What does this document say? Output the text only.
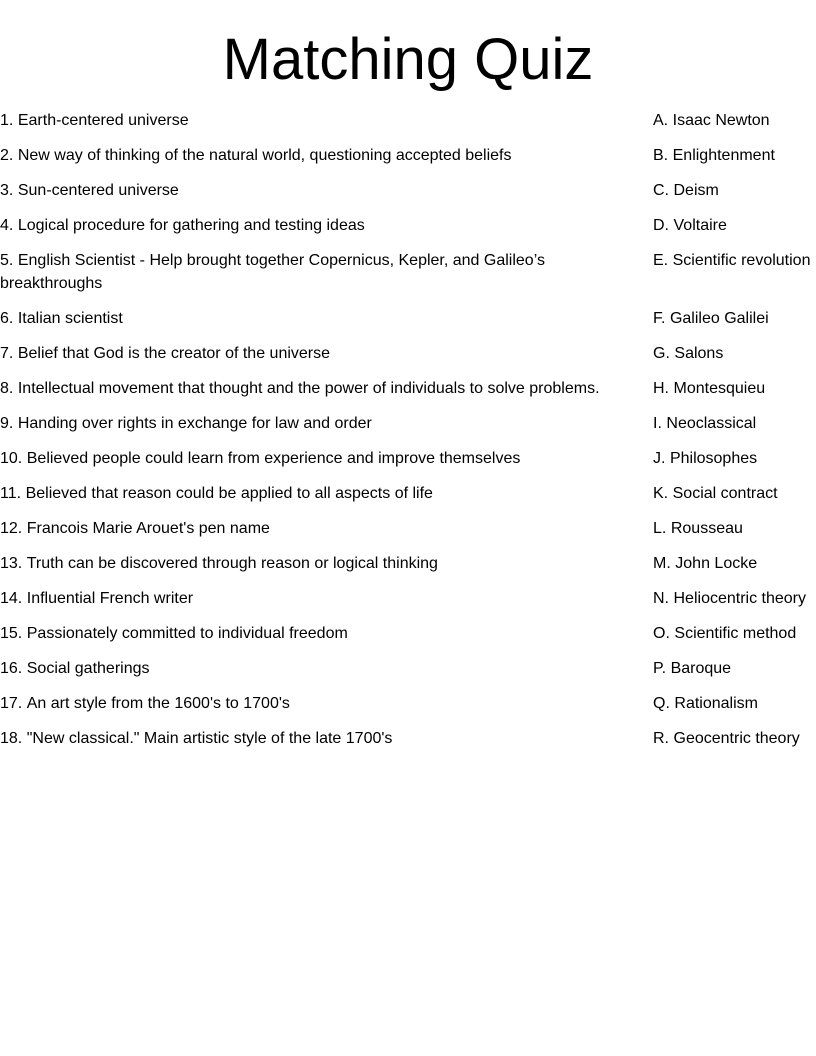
Matching Quiz
1. Earth-centered universe	A. Isaac Newton
2. New way of thinking of the natural world, questioning accepted beliefs	B. Enlightenment
3. Sun-centered universe	C. Deism
4. Logical procedure for gathering and testing ideas	D. Voltaire
5. English Scientist - Help brought together Copernicus, Kepler, and Galileo’s breakthroughs	E. Scientific revolution
6. Italian scientist	F. Galileo Galilei
7. Belief that God is the creator of the universe	G. Salons
8. Intellectual movement that thought and the power of individuals to solve problems.	H. Montesquieu
9. Handing over rights in exchange for law and order	I. Neoclassical
10. Believed people could learn from experience and improve themselves	J. Philosophes
11. Believed that reason could be applied to all aspects of life	K. Social contract
12. Francois Marie Arouet's pen name	L. Rousseau
13. Truth can be discovered through reason or logical thinking	M. John Locke
14. Influential French writer	N. Heliocentric theory
15. Passionately committed to individual freedom	O. Scientific method
16. Social gatherings	P. Baroque
17. An art style from the 1600's to 1700's	Q. Rationalism
18. "New classical." Main artistic style of the late 1700's	R. Geocentric theory
